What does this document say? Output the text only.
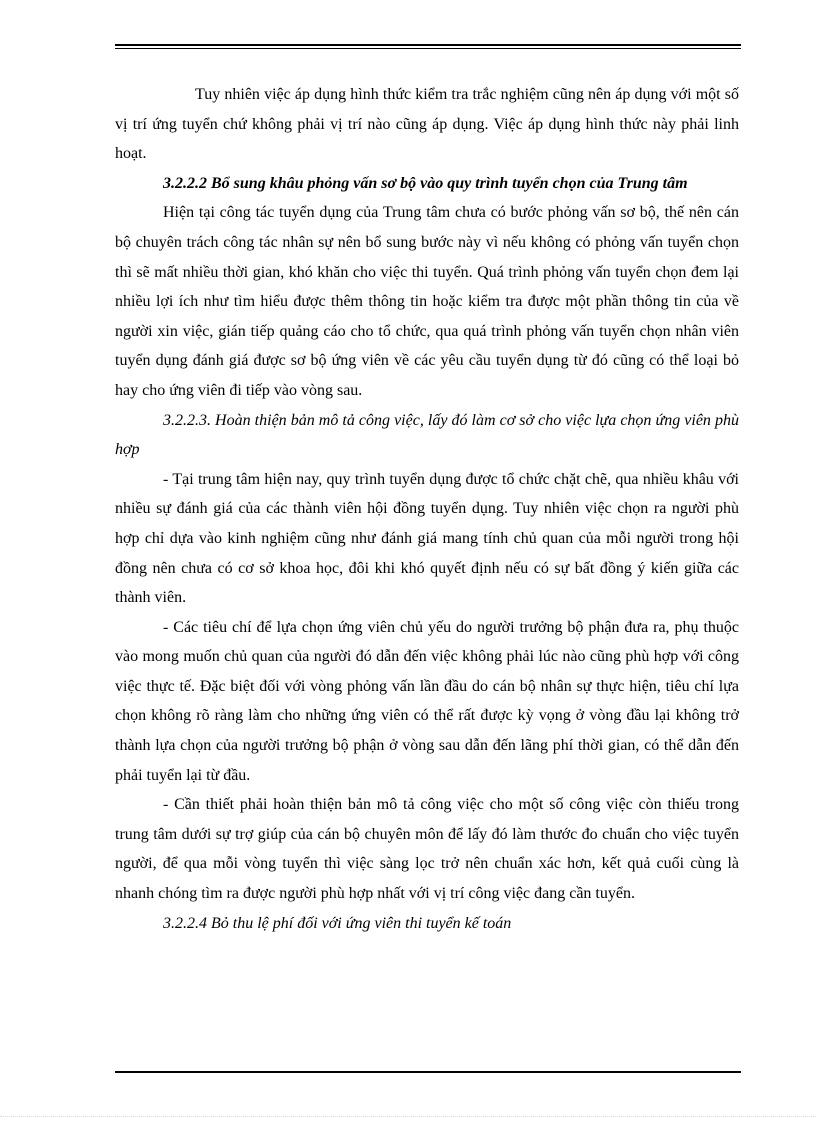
Tuy nhiên việc áp dụng hình thức kiểm tra trắc nghiệm cũng nên áp dụng với một số vị trí ứng tuyển chứ không phải vị trí nào cũng áp dụng. Việc áp dụng hình thức này phải linh hoạt.

3.2.2.2 Bổ sung khâu phỏng vấn sơ bộ vào quy trình tuyển chọn của Trung tâm

Hiện tại công tác tuyển dụng của Trung tâm chưa có bước phỏng vấn sơ bộ, thế nên cán bộ chuyên trách công tác nhân sự nên bổ sung bước này vì nếu không có phỏng vấn tuyển chọn thì sẽ mất nhiều thời gian, khó khăn cho việc thi tuyển. Quá trình phỏng vấn tuyển chọn đem lại nhiều lợi ích như tìm hiểu được thêm thông tin hoặc kiểm tra được một phần thông tin của về người xin việc, gián tiếp quảng cáo cho tổ chức, qua quá trình phỏng vấn tuyển chọn nhân viên tuyển dụng đánh giá được sơ bộ ứng viên về các yêu cầu tuyển dụng từ đó cũng có thể loại bỏ hay cho ứng viên đi tiếp vào vòng sau.

3.2.2.3. Hoàn thiện bản mô tả công việc, lấy đó làm cơ sở cho việc lựa chọn ứng viên phù hợp

- Tại trung tâm hiện nay, quy trình tuyển dụng được tổ chức chặt chẽ, qua nhiều khâu với nhiều sự đánh giá của các thành viên hội đồng tuyển dụng. Tuy nhiên việc chọn ra người phù hợp chỉ dựa vào kinh nghiệm cũng như đánh giá mang tính chủ quan của mỗi người trong hội đồng nên chưa có cơ sở khoa học, đôi khi khó quyết định nếu có sự bất đồng ý kiến giữa các thành viên.

- Các tiêu chí để lựa chọn ứng viên chủ yếu do người trưởng bộ phận đưa ra, phụ thuộc vào mong muốn chủ quan của người đó dẫn đến việc không phải lúc nào cũng phù hợp với công việc thực tế. Đặc biệt đối với vòng phỏng vấn lần đầu do cán bộ nhân sự thực hiện, tiêu chí lựa chọn không rõ ràng làm cho những ứng viên có thể rất được kỳ vọng ở vòng đầu lại không trở thành lựa chọn của người trưởng bộ phận ở vòng sau dẫn đến lãng phí thời gian, có thể dẫn đến phải tuyển lại từ đầu.

- Cần thiết phải hoàn thiện bản mô tả công việc cho một số công việc còn thiếu trong trung tâm dưới sự trợ giúp của cán bộ chuyên môn để lấy đó làm thước đo chuẩn cho việc tuyển người, để qua mỗi vòng tuyển thì việc sàng lọc trở nên chuẩn xác hơn, kết quả cuối cùng là nhanh chóng tìm ra được người phù hợp nhất với vị trí công việc đang cần tuyển.

3.2.2.4 Bỏ thu lệ phí đối với ứng viên thi tuyển kế toán
